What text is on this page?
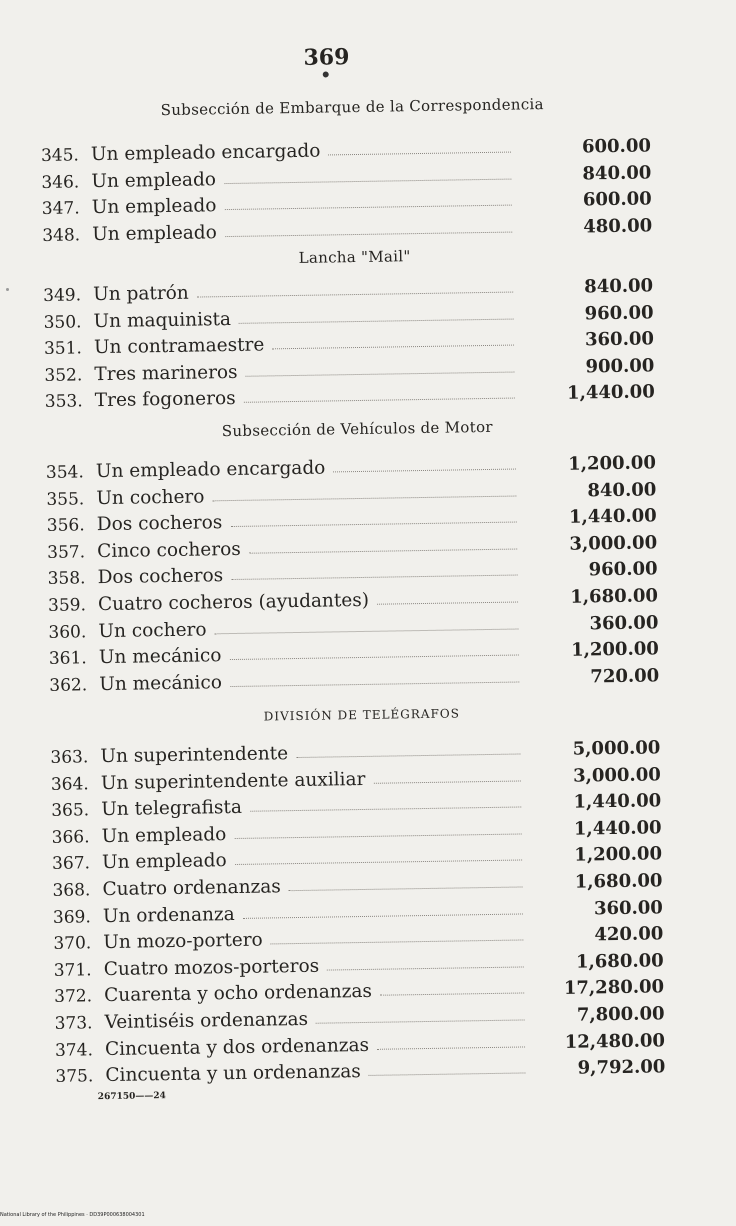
369
267150——24
Subsección de Embarque de la Correspondencia
345. Un empleado encargado	600.00
346. Un empleado	840.00
347. Un empleado	600.00
348. Un empleado	480.00
Lancha "Mail"
349. Un patrón	840.00
350. Un maquinista	960.00
351. Un contramaestre	360.00
352. Tres marineros	900.00
353. Tres fogoneros	1,440.00
Subsección de Vehículos de Motor
354. Un empleado encargado	1,200.00
355. Un cochero	840.00
356. Dos cocheros	1,440.00
357. Cinco cocheros	3,000.00
358. Dos cocheros	960.00
359. Cuatro cocheros (ayudantes)	1,680.00
360. Un cochero	360.00
361. Un mecánico	1,200.00
362. Un mecánico	720.00
DIVISIÓN DE TELÉGRAFOS
363. Un superintendente	5,000.00
364. Un superintendente auxiliar	3,000.00
365. Un telegrafista	1,440.00
366. Un empleado	1,440.00
367. Un empleado	1,200.00
368. Cuatro ordenanzas	1,680.00
369. Un ordenanza	360.00
370. Un mozo-portero	420.00
371. Cuatro mozos-porteros	1,680.00
372. Cuarenta y ocho ordenanzas	17,280.00
373. Veintiséis ordenanzas	7,800.00
374. Cincuenta y dos ordenanzas	12,480.00
375. Cincuenta y un ordenanzas	9,792.00
National Library of the Philippines · DD39P000638004301
